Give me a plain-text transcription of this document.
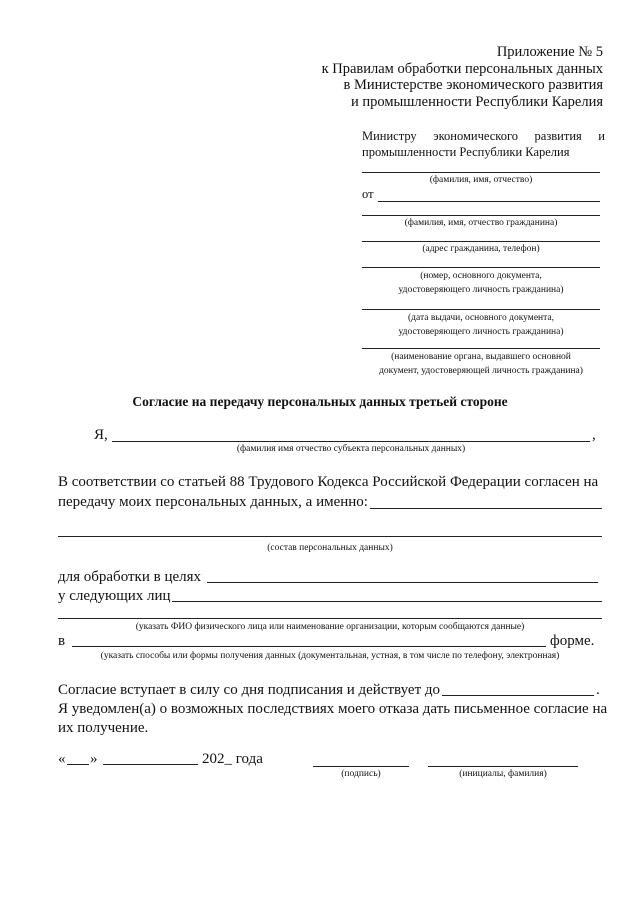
Приложение № 5
к Правилам обработки персональных данных
в Министерстве экономического развития
и промышленности Республики Карелия
Министру экономического развития и
промышленности Республики Карелия
(фамилия, имя, отчество)
от
(фамилия, имя, отчество гражданина)
(адрес гражданина, телефон)
(номер, основного документа,
удостоверяющего личность гражданина)
(дата выдачи, основного документа,
удостоверяющего личность гражданина)
(наименование органа, выдавшего основной
документ, удостоверяющей личность гражданина)
Согласие на передачу персональных данных третьей стороне
Я,	,
(фамилия имя отчество субъекта персональных данных)
В соответствии со статьей 88 Трудового Кодекса Российской Федерации согласен на
передачу моих персональных данных, а именно:
(состав персональных данных)
для обработки в целях
у следующих лиц
(указать ФИО физического лица или наименование организации, которым сообщаются данные)
в	форме.
(указать способы или формы получения данных (документальная, устная, в том числе по телефону, электронная)
Согласие вступает в силу со дня подписания и действует до	.
Я уведомлен(а) о возможных последствиях моего отказа дать письменное согласие на их получение.
« »	202_ года
(подпись)	(инициалы, фамилия)
